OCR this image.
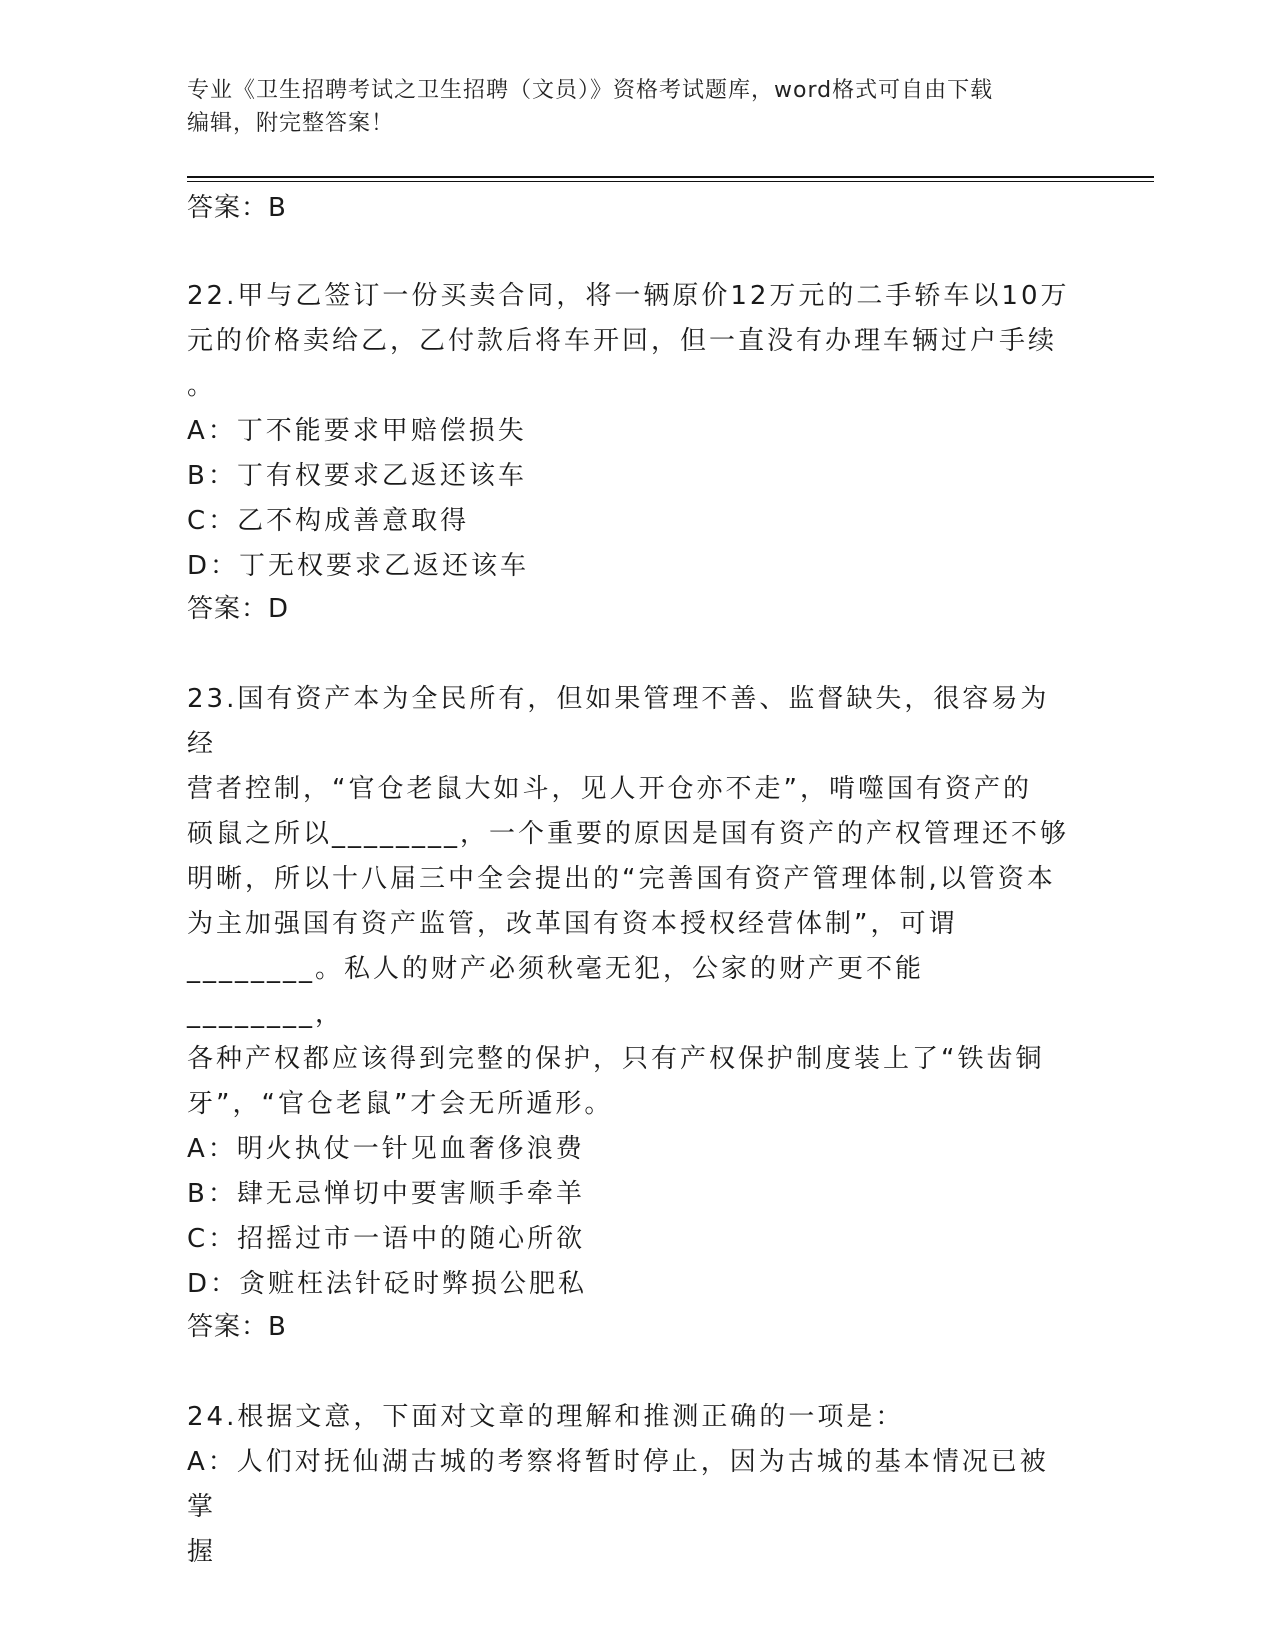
专业《卫生招聘考试之卫生招聘（文员）》资格考试题库，word格式可自由下载
编辑，附完整答案！

答案：B

22.甲与乙签订一份买卖合同，将一辆原价12万元的二手轿车以10万

元的价格卖给乙，乙付款后将车开回，但一直没有办理车辆过户手续

。

A：丁不能要求甲赔偿损失

B：丁有权要求乙返还该车

C：乙不构成善意取得

D：丁无权要求乙返还该车

答案：D

23.国有资产本为全民所有，但如果管理不善、监督缺失，很容易为经

营者控制，“官仓老鼠大如斗，见人开仓亦不走”，啃噬国有资产的

硕鼠之所以________，一个重要的原因是国有资产的产权管理还不够

明晰，所以十八届三中全会提出的“完善国有资产管理体制,以管资本

为主加强国有资产监管，改革国有资本授权经营体制”，可谓

________。私人的财产必须秋毫无犯，公家的财产更不能________，

各种产权都应该得到完整的保护，只有产权保护制度装上了“铁齿铜

牙”，“官仓老鼠”才会无所遁形。

A：明火执仗一针见血奢侈浪费

B：肆无忌惮切中要害顺手牵羊

C：招摇过市一语中的随心所欲

D：贪赃枉法针砭时弊损公肥私

答案：B

24.根据文意，下面对文章的理解和推测正确的一项是：

A：人们对抚仙湖古城的考察将暂时停止，因为古城的基本情况已被掌

握
